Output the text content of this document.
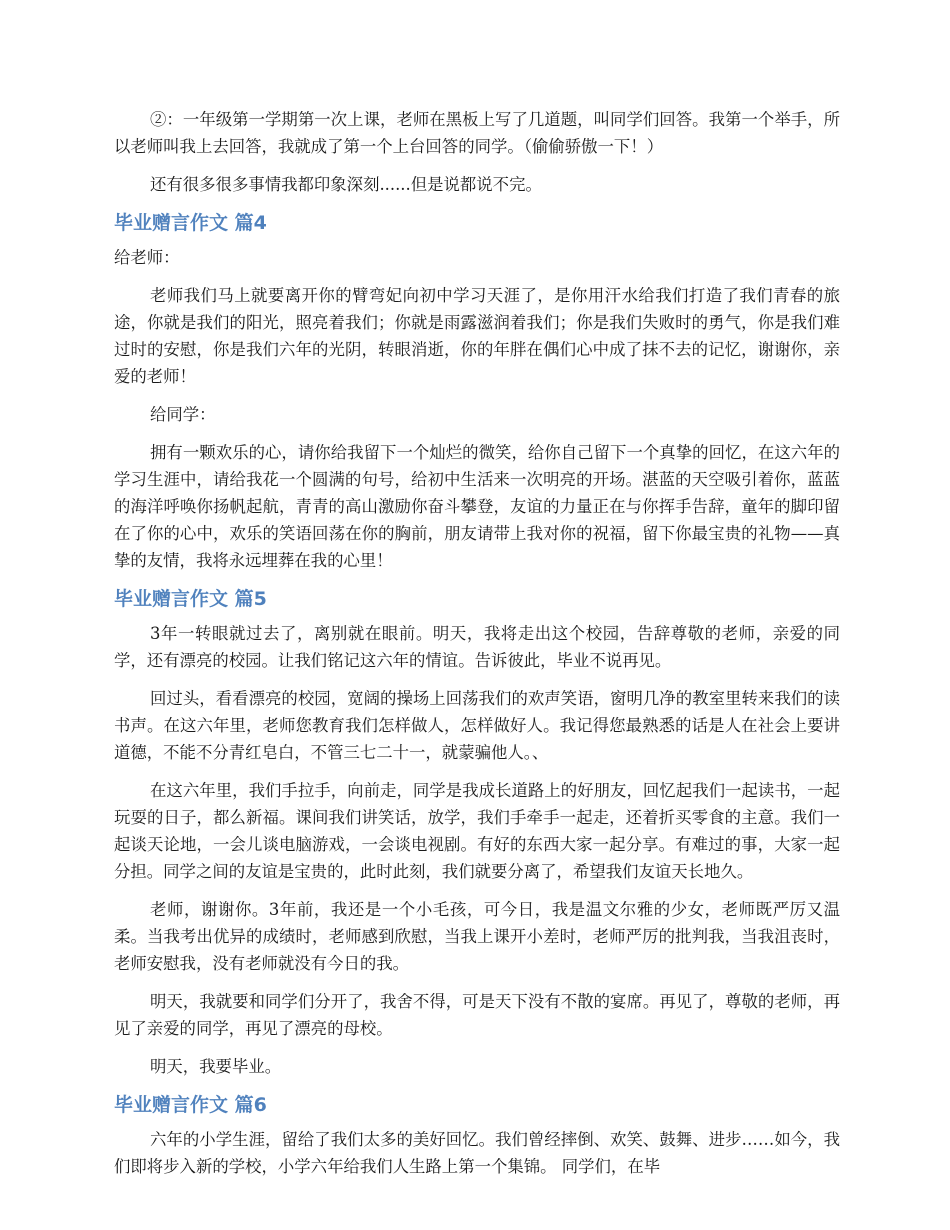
②：一年级第一学期第一次上课，老师在黑板上写了几道题，叫同学们回答。我第一个举手，所以老师叫我上去回答，我就成了第一个上台回答的同学。（偷偷骄傲一下！）

还有很多很多事情我都印象深刻......但是说都说不完。

毕业赠言作文 篇4

给老师：

老师我们马上就要离开你的臂弯妃向初中学习天涯了，是你用汗水给我们打造了我们青春的旅途，你就是我们的阳光，照亮着我们；你就是雨露滋润着我们；你是我们失败时的勇气，你是我们难过时的安慰，你是我们六年的光阴，转眼消逝，你的年胖在偶们心中成了抹不去的记忆，谢谢你，亲爱的老师！

给同学：

拥有一颗欢乐的心，请你给我留下一个灿烂的微笑，给你自己留下一个真挚的回忆，在这六年的学习生涯中，请给我花一个圆满的句号，给初中生活来一次明亮的开场。湛蓝的天空吸引着你，蓝蓝的海洋呼唤你扬帆起航，青青的高山激励你奋斗攀登，友谊的力量正在与你挥手告辞，童年的脚印留在了你的心中，欢乐的笑语回荡在你的胸前，朋友请带上我对你的祝福，留下你最宝贵的礼物——真挚的友情，我将永远埋葬在我的心里！

毕业赠言作文 篇5

3年一转眼就过去了，离别就在眼前。明天，我将走出这个校园，告辞尊敬的老师，亲爱的同学，还有漂亮的校园。让我们铭记这六年的情谊。告诉彼此，毕业不说再见。

回过头，看看漂亮的校园，宽阔的操场上回荡我们的欢声笑语，窗明几净的教室里转来我们的读书声。在这六年里，老师您教育我们怎样做人，怎样做好人。我记得您最熟悉的话是人在社会上要讲道德，不能不分青红皂白，不管三七二十一，就蒙骗他人。、

在这六年里，我们手拉手，向前走，同学是我成长道路上的好朋友，回忆起我们一起读书，一起玩耍的日子，都么新福。课间我们讲笑话，放学，我们手牵手一起走，还着折买零食的主意。我们一起谈天论地，一会儿谈电脑游戏，一会谈电视剧。有好的东西大家一起分享。有难过的事，大家一起分担。同学之间的友谊是宝贵的，此时此刻，我们就要分离了，希望我们友谊天长地久。

老师，谢谢你。3年前，我还是一个小毛孩，可今日，我是温文尔雅的少女，老师既严厉又温柔。当我考出优异的成绩时，老师感到欣慰，当我上课开小差时，老师严厉的批判我，当我沮丧时，老师安慰我，没有老师就没有今日的我。

明天，我就要和同学们分开了，我舍不得，可是天下没有不散的宴席。再见了，尊敬的老师，再见了亲爱的同学，再见了漂亮的母校。

明天，我要毕业。

毕业赠言作文 篇6

六年的小学生涯，留给了我们太多的美好回忆。我们曾经摔倒、欢笑、鼓舞、进步……如今，我们即将步入新的学校，小学六年给我们人生路上第一个集锦。 同学们，在毕
